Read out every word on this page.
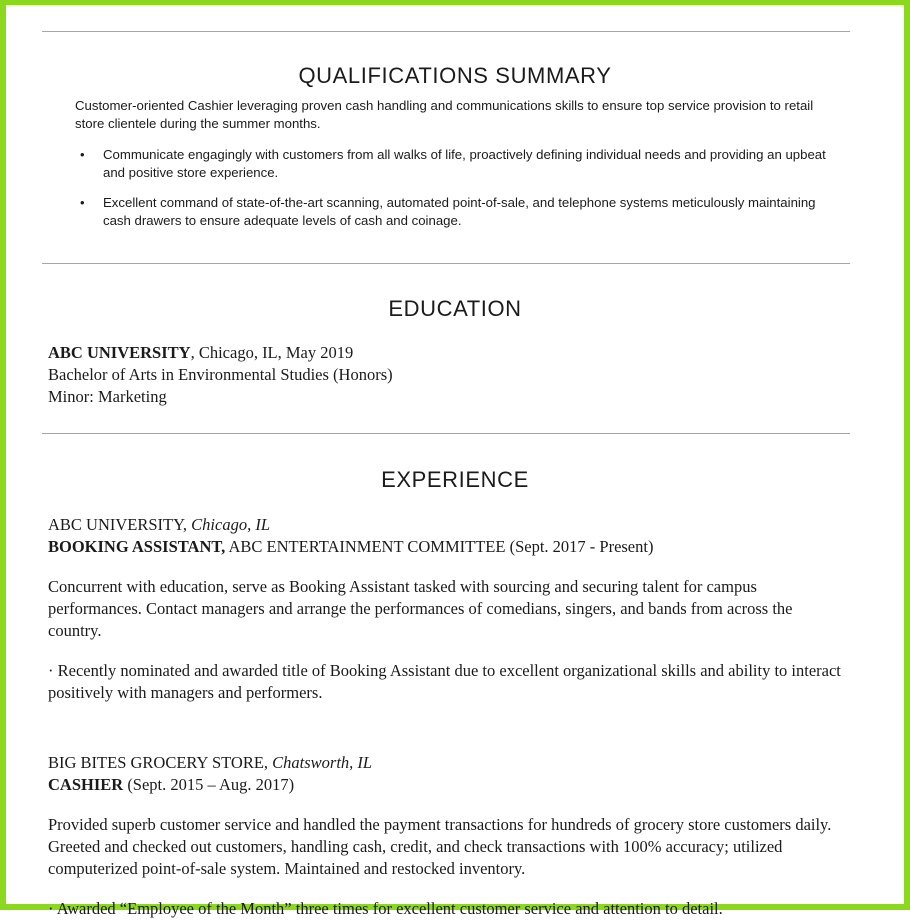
QUALIFICATIONS SUMMARY

Customer-oriented Cashier leveraging proven cash handling and communications skills to ensure top service provision to retail store clientele during the summer months.

• Communicate engagingly with customers from all walks of life, proactively defining individual needs and providing an upbeat and positive store experience.
• Excellent command of state-of-the-art scanning, automated point-of-sale, and telephone systems meticulously maintaining cash drawers to ensure adequate levels of cash and coinage.
EDUCATION
ABC UNIVERSITY, Chicago, IL, May 2019
Bachelor of Arts in Environmental Studies (Honors)
Minor: Marketing
EXPERIENCE
ABC UNIVERSITY, Chicago, IL
BOOKING ASSISTANT, ABC ENTERTAINMENT COMMITTEE (Sept. 2017 - Present)

Concurrent with education, serve as Booking Assistant tasked with sourcing and securing talent for campus performances. Contact managers and arrange the performances of comedians, singers, and bands from across the country.

· Recently nominated and awarded title of Booking Assistant due to excellent organizational skills and ability to interact positively with managers and performers.

BIG BITES GROCERY STORE, Chatsworth, IL
CASHIER (Sept. 2015 – Aug. 2017)

Provided superb customer service and handled the payment transactions for hundreds of grocery store customers daily. Greeted and checked out customers, handling cash, credit, and check transactions with 100% accuracy; utilized computerized point-of-sale system. Maintained and restocked inventory.

· Awarded “Employee of the Month” three times for excellent customer service and attention to detail.
